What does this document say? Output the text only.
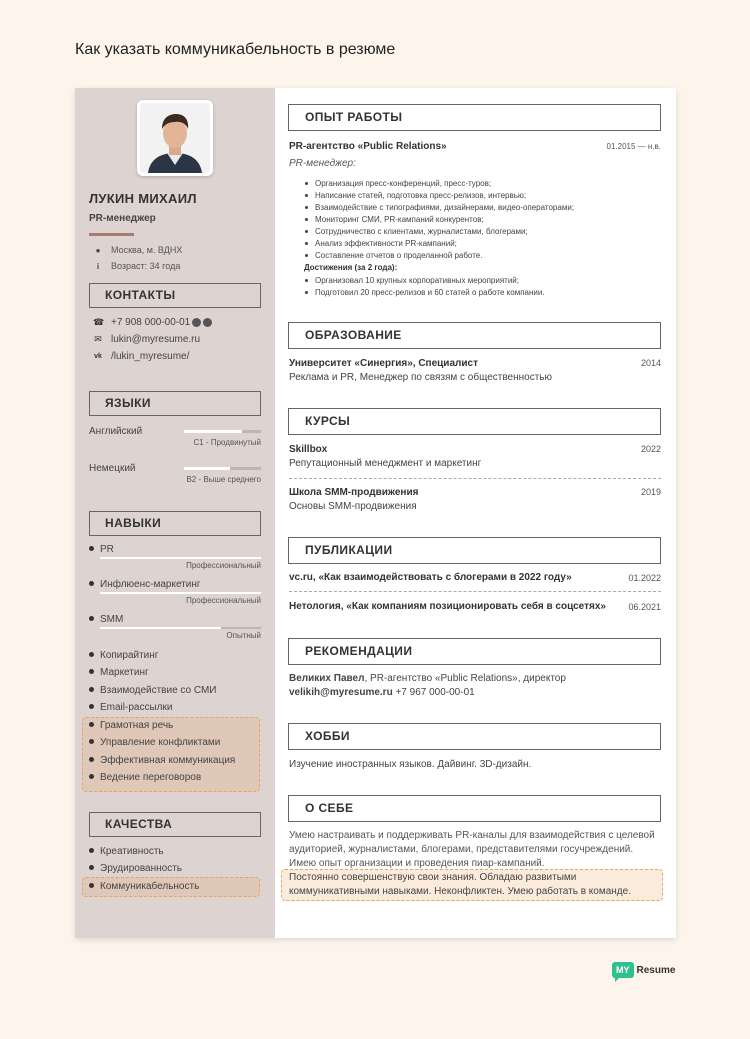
Как указать коммуникабельность в резюме
ЛУКИН МИХАИЛ
PR-менеджер
● Москва, м. ВДНХ
i	Возраст: 34 года
КОНТАКТЫ
☎ +7 908 000-00-01
✉ lukin@myresume.ru
vk /lukin_myresume/
ЯЗЫКИ
Английский
C1 - Продвинутый
Немецкий
B2 - Выше среднего
НАВЫКИ
PR
Профессиональный
Инфлюенс-маркетинг
Профессиональный
SMM
Опытный
Копирайтинг
Маркетинг
Взаимодействие со СМИ
Email-рассылки
Грамотная речь
Управление конфликтами
Эффективная коммуникация
Ведение переговоров
КАЧЕСТВА
Креативность
Эрудированность
Коммуникабельность
ОПЫТ РАБОТЫ
PR-агентство «Public Relations»	01.2015 — н.в.
PR-менеджер:
Организация пресс-конференций, пресс-туров;
Написание статей, подготовка пресс-релизов, интервью;
Взаимодействие с типографиями, дизайнерами, видео-операторами;
Мониторинг СМИ, PR-кампаний конкурентов;
Сотрудничество с клиентами, журналистами, блогерами;
Анализ эффективности PR-кампаний;
Составление отчетов о проделанной работе.
Достижения (за 2 года):
Организовал 10 крупных корпоративных мероприятий;
Подготовил 20 пресс-релизов и 60 статей о работе компании.
ОБРАЗОВАНИЕ
Университет «Синергия», Специалист	2014
Реклама и PR, Менеджер по связям с общественностью
КУРСЫ
Skillbox	2022
Репутационный менеджмент и маркетинг
Школа SMM-продвижения	2019
Основы SMM-продвижения
ПУБЛИКАЦИИ
vc.ru, «Как взаимодействовать с блогерами в 2022 году»	01.2022
Нетология, «Как компаниям позиционировать себя в соцсетях»	06.2021
РЕКОМЕНДАЦИИ
Великих Павел, PR-агентство «Public Relations», директор
velikih@myresume.ru +7 967 000-00-01
ХОББИ
Изучение иностранных языков. Дайвинг. 3D-дизайн.
О СЕБЕ
Умею настраивать и поддерживать PR-каналы для взаимодействия с целевой аудиторией, журналистами, блогерами, представителями госучреждений. Имею опыт организации и проведения пиар-кампаний.
Постоянно совершенствую свои знания. Обладаю развитыми коммуникативными навыками. Неконфликтен. Умею работать в команде.
MY Resume
